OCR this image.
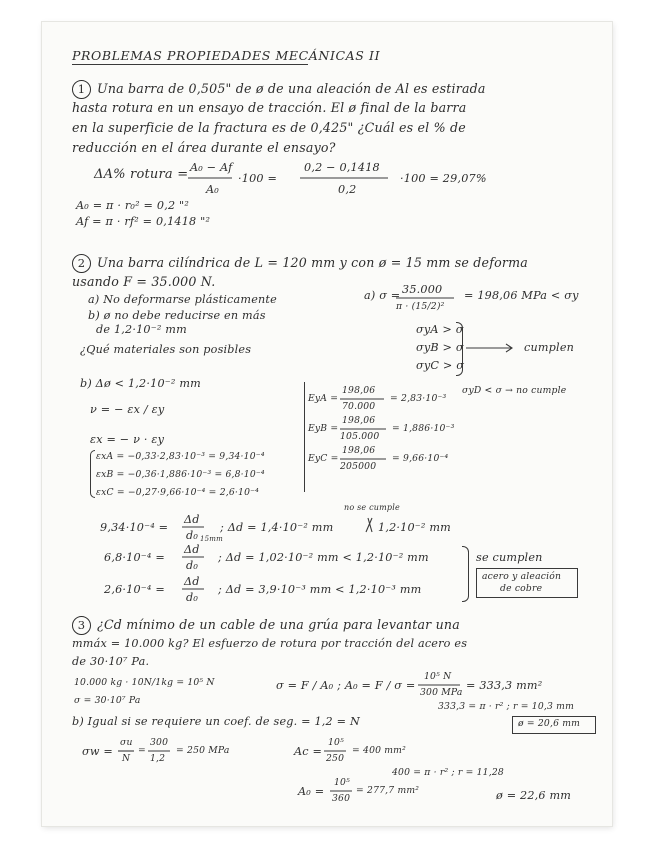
PROBLEMAS PROPIEDADES MECÁNICAS II
1 Una barra de 0,505" de ø de una aleación de Al es estirada
hasta rotura en un ensayo de tracción. El ø final de la barra
en la superficie de la fractura es de 0,425" ¿Cuál es el % de
reducción en el área durante el ensayo?
ΔA% rotura = A₀ − Af
A₀
·100 =
0,2 − 0,1418
0,2
·100 = 29,07%
A₀ = π · r₀² = 0,2 "²
Af = π · rf² = 0,1418 "²
2 Una barra cilíndrica de L = 120 mm y con ø = 15 mm se deforma
usando F = 35.000 N.
a) No deformarse plásticamente
b) ø no debe reducirse en más
de 1,2·10⁻² mm
¿Qué materiales son posibles
a) σ = 35.000
π · (15/2)²
= 198,06 MPa < σy
σyA > σ
σyB > σ
σyC > σ
cumplen
b) Δø < 1,2·10⁻² mm
ν = − εx / εy
εx = − ν · εy
εxA = −0,33·2,83·10⁻³ = 9,34·10⁻⁴
εxB = −0,36·1,886·10⁻³ = 6,8·10⁻⁴
εxC = −0,27·9,66·10⁻⁴ = 2,6·10⁻⁴
EyA =
198,06
70.000
= 2,83·10⁻³
EyB =
198,06
105.000
= 1,886·10⁻³
EyC =
198,06
205000
= 9,66·10⁻⁴
σyD < σ → no cumple
no se cumple
9,34·10⁻⁴ =
Δd
d₀ 15mm
; Δd = 1,4·10⁻² mm	1,2·10⁻² mm
6,8·10⁻⁴ =
Δd
d₀
; Δd = 1,02·10⁻² mm < 1,2·10⁻² mm
2,6·10⁻⁴ =
Δd
d₀
; Δd = 3,9·10⁻³ mm < 1,2·10⁻³ mm
se cumplen
acero y aleación
de cobre
3 ¿Cd mínimo de un cable de una grúa para levantar una
mmáx = 10.000 kg? El esfuerzo de rotura por tracción del acero es
de 30·10⁷ Pa.
10.000 kg · 10N/1kg = 10⁵ N
σ = 30·10⁷ Pa
σ = F / A₀ ; A₀ = F / σ =
10⁵ N
300 MPa
= 333,3 mm²
333,3 = π · r² ; r = 10,3 mm
ø = 20,6 mm
b) Igual si se requiere un coef. de seg. = 1,2 = N
σw =
σu
N
=
300
1,2
= 250 MPa	Ac =
10⁵
250
= 400 mm²
400 = π · r² ; r = 11,28
A₀ =
10⁵
360
= 277,7 mm²	ø = 22,6 mm
